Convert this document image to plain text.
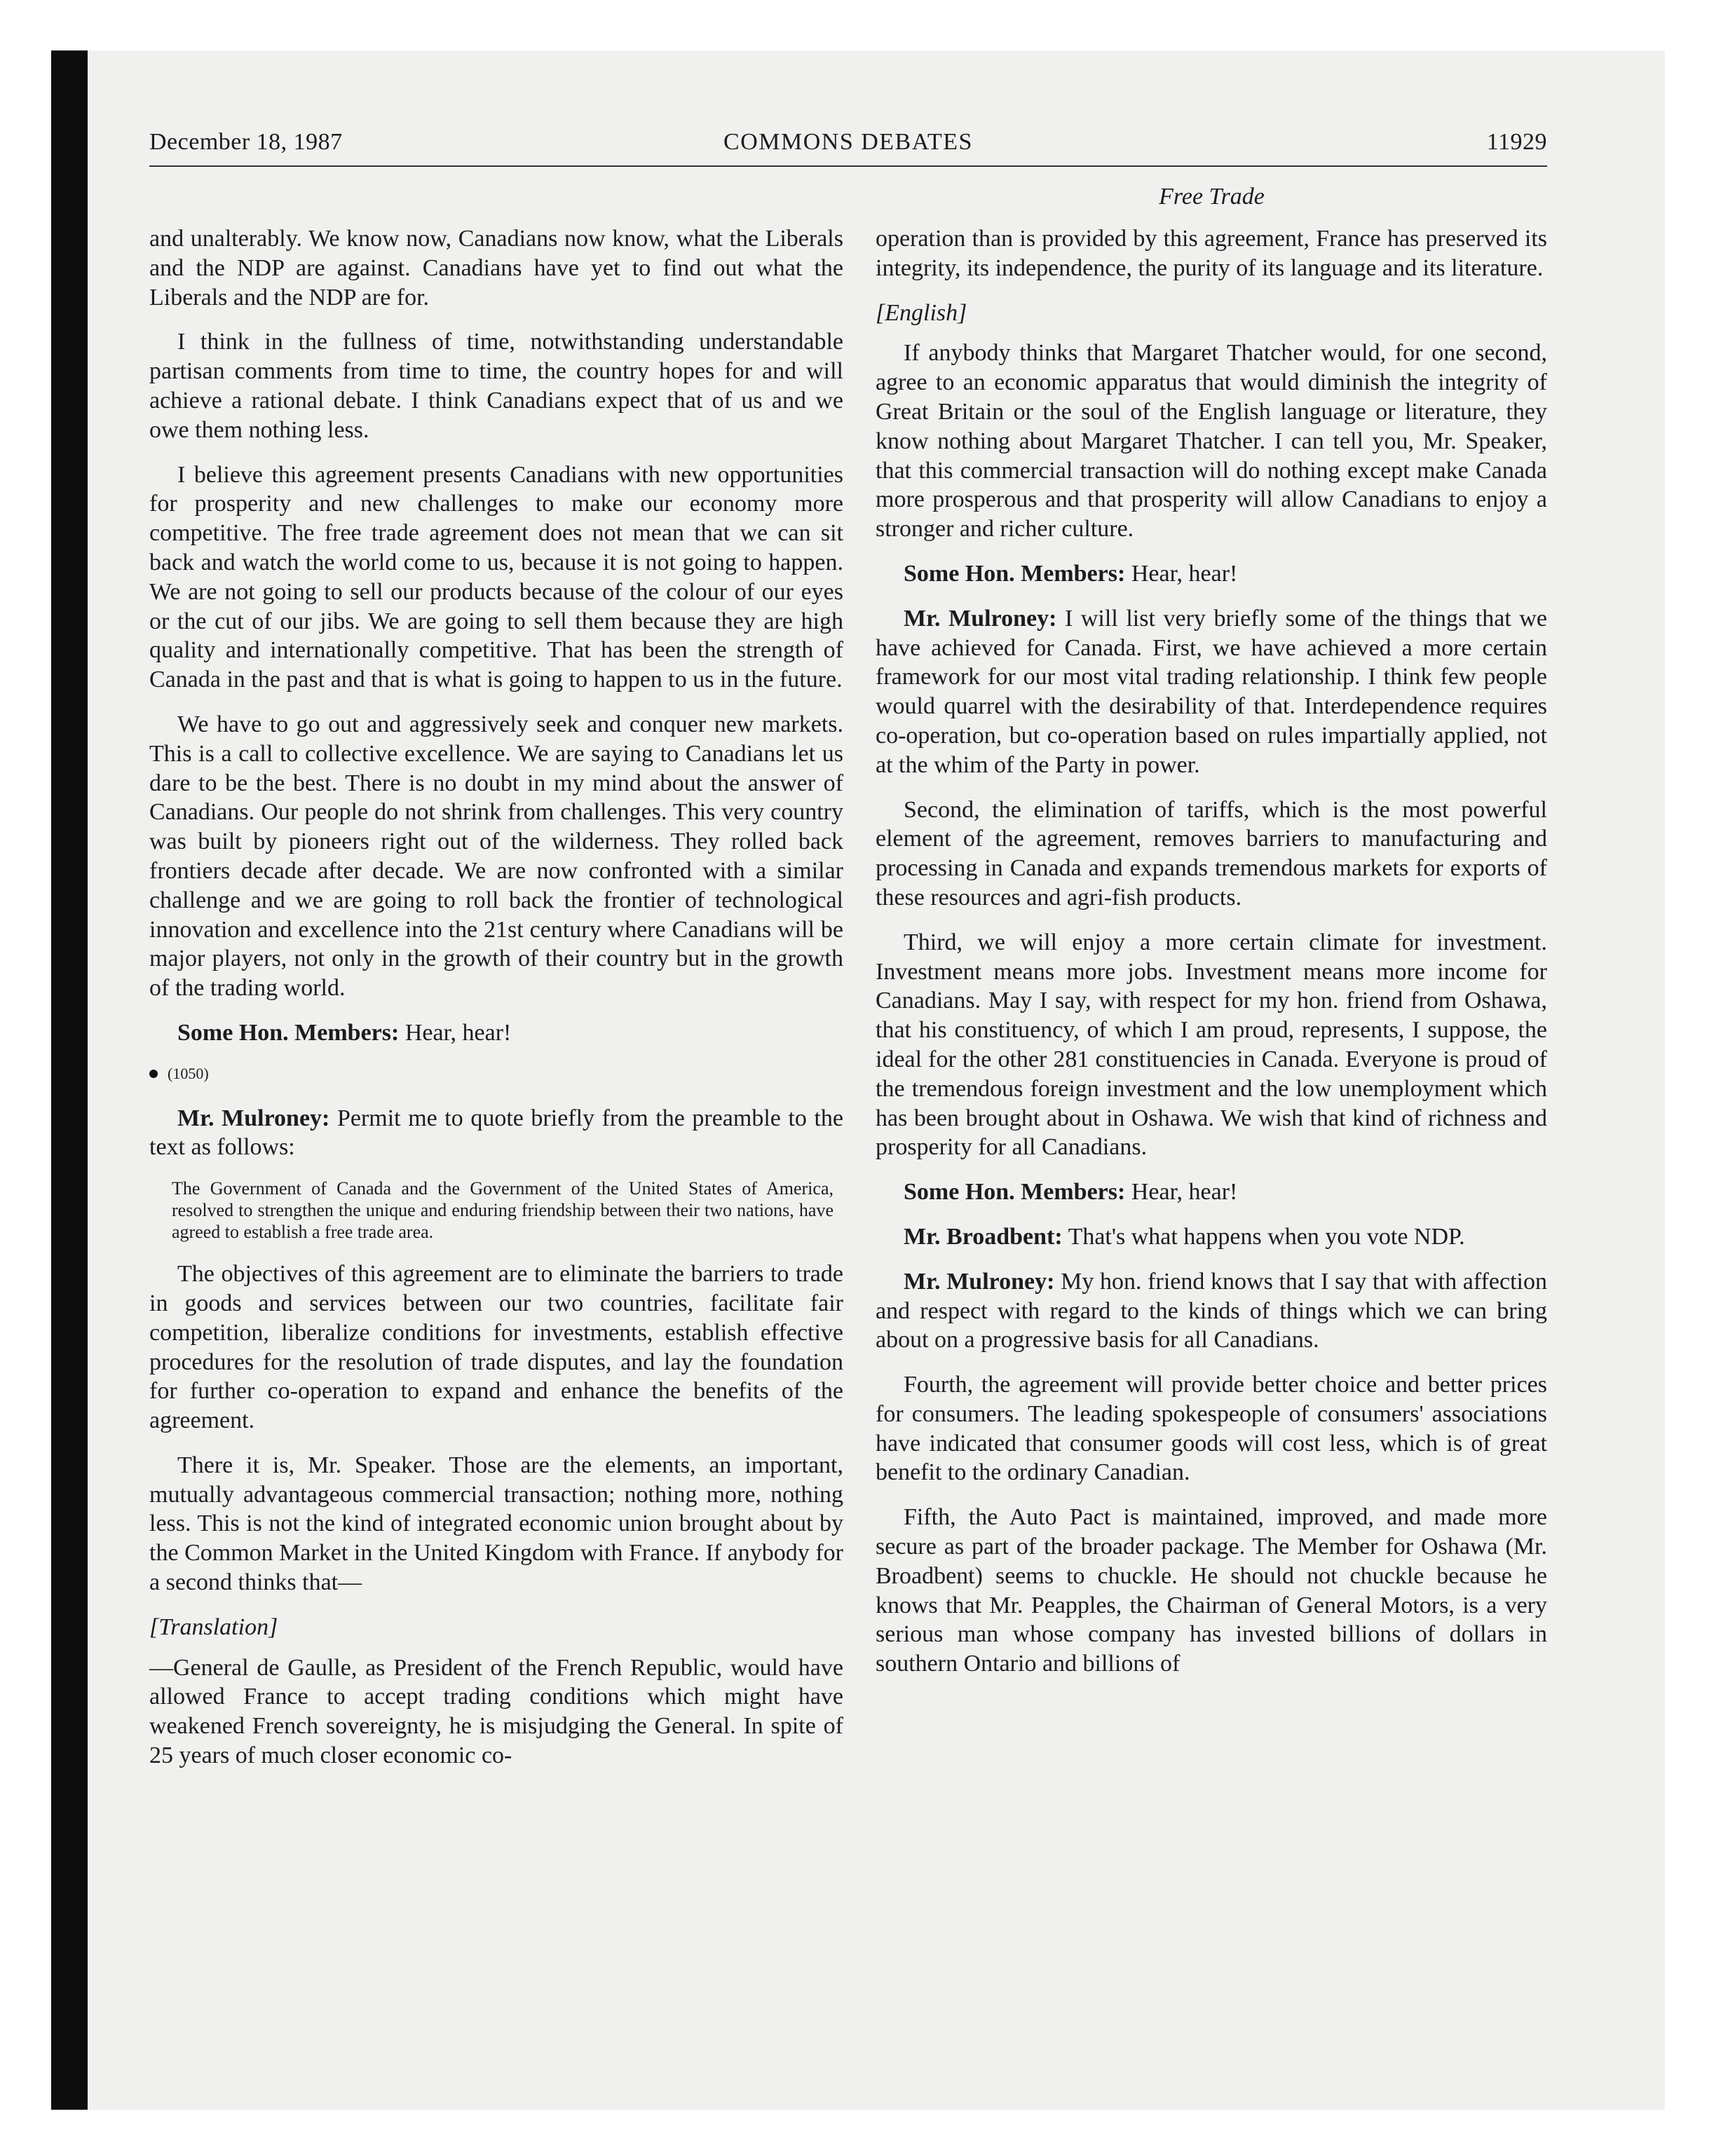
December 18, 1987	COMMONS DEBATES	11929
Free Trade

and unalterably. We know now, Canadians now know, what the Liberals and the NDP are against. Canadians have yet to find out what the Liberals and the NDP are for.

I think in the fullness of time, notwithstanding understandable partisan comments from time to time, the country hopes for and will achieve a rational debate. I think Canadians expect that of us and we owe them nothing less.

I believe this agreement presents Canadians with new opportunities for prosperity and new challenges to make our economy more competitive. The free trade agreement does not mean that we can sit back and watch the world come to us, because it is not going to happen. We are not going to sell our products because of the colour of our eyes or the cut of our jibs. We are going to sell them because they are high quality and internationally competitive. That has been the strength of Canada in the past and that is what is going to happen to us in the future.

We have to go out and aggressively seek and conquer new markets. This is a call to collective excellence. We are saying to Canadians let us dare to be the best. There is no doubt in my mind about the answer of Canadians. Our people do not shrink from challenges. This very country was built by pioneers right out of the wilderness. They rolled back frontiers decade after decade. We are now confronted with a similar challenge and we are going to roll back the frontier of technological innovation and excellence into the 21st century where Canadians will be major players, not only in the growth of their country but in the growth of the trading world.

Some Hon. Members: Hear, hear!

(1050)

Mr. Mulroney: Permit me to quote briefly from the preamble to the text as follows:

The Government of Canada and the Government of the United States of America, resolved to strengthen the unique and enduring friendship between their two nations, have agreed to establish a free trade area.

The objectives of this agreement are to eliminate the barriers to trade in goods and services between our two countries, facilitate fair competition, liberalize conditions for investments, establish effective procedures for the resolution of trade disputes, and lay the foundation for further co-operation to expand and enhance the benefits of the agreement.

There it is, Mr. Speaker. Those are the elements, an important, mutually advantageous commercial transaction; nothing more, nothing less. This is not the kind of integrated economic union brought about by the Common Market in the United Kingdom with France. If anybody for a second thinks that—

[Translation]

—General de Gaulle, as President of the French Republic, would have allowed France to accept trading conditions which might have weakened French sovereignty, he is misjudging the General. In spite of 25 years of much closer economic co-

operation than is provided by this agreement, France has preserved its integrity, its independence, the purity of its language and its literature.

[English]

If anybody thinks that Margaret Thatcher would, for one second, agree to an economic apparatus that would diminish the integrity of Great Britain or the soul of the English language or literature, they know nothing about Margaret Thatcher. I can tell you, Mr. Speaker, that this commercial transaction will do nothing except make Canada more prosperous and that prosperity will allow Canadians to enjoy a stronger and richer culture.

Some Hon. Members: Hear, hear!

Mr. Mulroney: I will list very briefly some of the things that we have achieved for Canada. First, we have achieved a more certain framework for our most vital trading relationship. I think few people would quarrel with the desirability of that. Interdependence requires co-operation, but co-operation based on rules impartially applied, not at the whim of the Party in power.

Second, the elimination of tariffs, which is the most powerful element of the agreement, removes barriers to manufacturing and processing in Canada and expands tremendous markets for exports of these resources and agri-fish products.

Third, we will enjoy a more certain climate for investment. Investment means more jobs. Investment means more income for Canadians. May I say, with respect for my hon. friend from Oshawa, that his constituency, of which I am proud, represents, I suppose, the ideal for the other 281 constituencies in Canada. Everyone is proud of the tremendous foreign investment and the low unemployment which has been brought about in Oshawa. We wish that kind of richness and prosperity for all Canadians.

Some Hon. Members: Hear, hear!

Mr. Broadbent: That's what happens when you vote NDP.

Mr. Mulroney: My hon. friend knows that I say that with affection and respect with regard to the kinds of things which we can bring about on a progressive basis for all Canadians.

Fourth, the agreement will provide better choice and better prices for consumers. The leading spokespeople of consumers' associations have indicated that consumer goods will cost less, which is of great benefit to the ordinary Canadian.

Fifth, the Auto Pact is maintained, improved, and made more secure as part of the broader package. The Member for Oshawa (Mr. Broadbent) seems to chuckle. He should not chuckle because he knows that Mr. Peapples, the Chairman of General Motors, is a very serious man whose company has invested billions of dollars in southern Ontario and billions of
